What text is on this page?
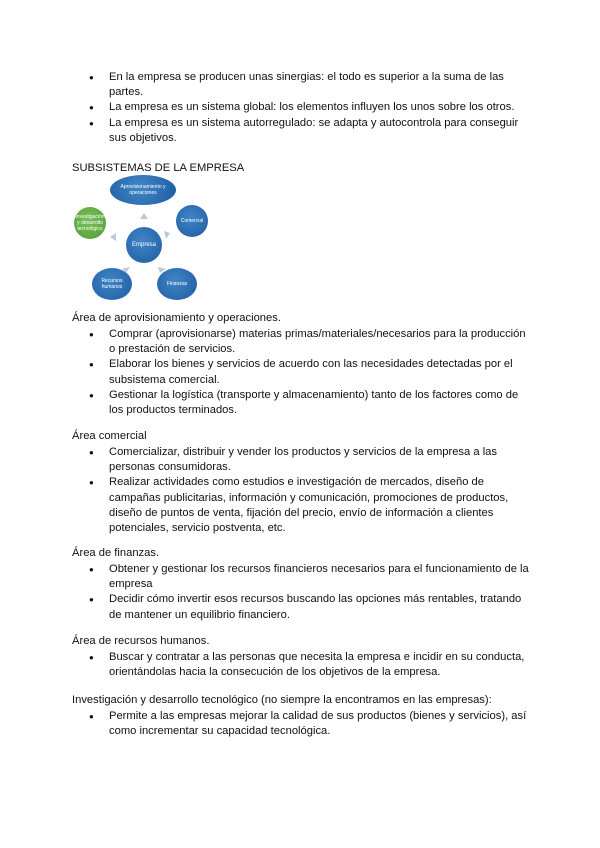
● En la empresa se producen unas sinergias: el todo es superior a la suma de las partes.
● La empresa es un sistema global: los elementos influyen los unos sobre los otros.
● La empresa es un sistema autorregulado: se adapta y autocontrola para conseguir sus objetivos.
SUBSISTEMAS DE LA EMPRESA
Aprovisionamiento y operaciones
Comercial
Finanzas
Recursos humanos
Investigación y desarrollo tecnológico
Empresa
Área de aprovisionamiento y operaciones.
● Comprar (aprovisionarse) materias primas/materiales/necesarios para la producción o prestación de servicios.
● Elaborar los bienes y servicios de acuerdo con las necesidades detectadas por el subsistema comercial.
● Gestionar la logística (transporte y almacenamiento) tanto de los factores como de los productos terminados.
Área comercial
● Comercializar, distribuir y vender los productos y servicios de la empresa a las personas consumidoras.
● Realizar actividades como estudios e investigación de mercados, diseño de campañas publicitarias, información y comunicación, promociones de productos, diseño de puntos de venta, fijación del precio, envío de información a clientes potenciales, servicio postventa, etc.
Área de finanzas.
● Obtener y gestionar los recursos financieros necesarios para el funcionamiento de la empresa
● Decidir cómo invertir esos recursos buscando las opciones más rentables, tratando de mantener un equilibrio financiero.
Área de recursos humanos.
● Buscar y contratar a las personas que necesita la empresa e incidir en su conducta, orientándolas hacia la consecución de los objetivos de la empresa.
Investigación y desarrollo tecnológico (no siempre la encontramos en las empresas):
● Permite a las empresas mejorar la calidad de sus productos (bienes y servicios), así como incrementar su capacidad tecnológica.
